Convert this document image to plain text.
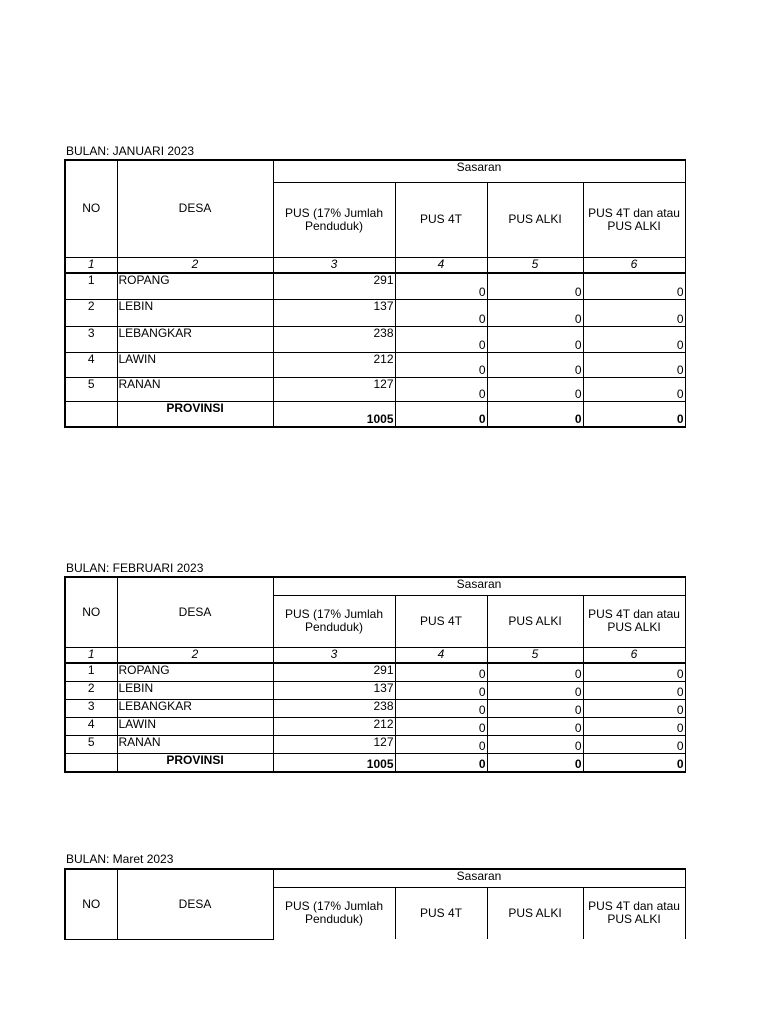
BULAN: JANUARI 2023
NO	DESA	Sasaran			
		PUS (17% Jumlah Penduduk)	PUS 4T	PUS ALKI	PUS 4T dan atau PUS ALKI
1	2	3	4	5	6
1	ROPANG	291	0	0	0
2	LEBIN	137	0	0	0
3	LEBANGKAR	238	0	0	0
4	LAWIN	212	0	0	0
5	RANAN	127	0	0	0
	PROVINSI	1005	0	0	0
BULAN: FEBRUARI 2023
NO	DESA	Sasaran			
		PUS (17% Jumlah Penduduk)	PUS 4T	PUS ALKI	PUS 4T dan atau PUS ALKI
1	2	3	4	5	6
1	ROPANG	291	0	0	0
2	LEBIN	137	0	0	0
3	LEBANGKAR	238	0	0	0
4	LAWIN	212	0	0	0
5	RANAN	127	0	0	0
	PROVINSI	1005	0	0	0
BULAN: Maret 2023
NO	DESA	Sasaran			
		PUS (17% Jumlah Penduduk)	PUS 4T	PUS ALKI	PUS 4T dan atau PUS ALKI
